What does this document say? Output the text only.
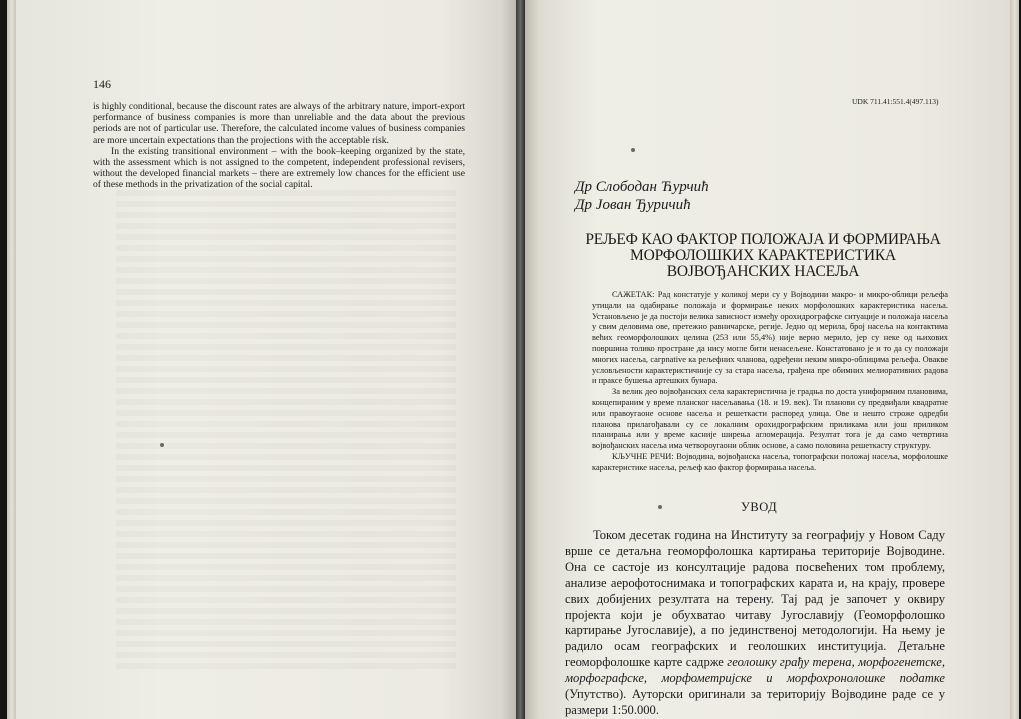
146

is highly conditional, because the discount rates are always of the arbitrary nature, import-export performance of business companies is more than unreliable and the data about the previous periods are not of particular use. Therefore, the calculated income values of business companies are more uncertain expectations than the projections with the acceptable risk.

In the existing transitional environment – with the book–keeping organized by the state, with the assessment which is not assigned to the competent, independent professional revisers, without the developed financial markets – there are extremely low chances for the efficient use of these methods in the privatization of the social capital.

UDK 711.41:551.4(497.113)
Др Слободан Ћурчић
Др Јован Ђуричић
РЕЉЕФ КАО ФАКТОР ПОЛОЖАЈА И ФОРМИРАЊА
МОРФОЛОШКИХ КАРАКТЕРИСТИКА
ВОЈВОЂАНСКИХ НАСЕЉА

САЖЕТАК: Рад констатује у коликој мери су у Војводини макро- и микро-облици рељефа утицали на одабирање положаја и формирање неких морфолошких карактеристика насеља. Установљено је да постоји велика зависност између орохидрографске ситуације и положаја насеља у свим деловима ове, претежно равничарске, регије. Једно од мерила, број насеља на контактима већих геоморфолошких целина (253 или 55,4%) није верно мерило, јер су неке од њихових површина толико простране да нису могле бити ненасељене. Констатовано је и то да су положаји многих насеља, сагрnative ка рељефних чланова, одређени неким микро-облицима рељефа. Овакве условљености карактеристичније су за стара насеља, грађена пре обимних мелиоративних радова и праксе бушења артешких бунара.

За велик део војвођанских села карактеристична је градња по доста униформним плановима, концепираним у време планског насељавања (18. и 19. век). Ти планови су предвиђали квадратне или правоугаоне основе насеља и решеткасти распоред улица. Ове и нешто строже одредби планова прилагођавали су се локалним орохидрографским приликама или још приликом планирања или у време касније ширења агломерација. Резултат тога је да само четвртина војвођанских насеља има четвороугаони облик основе, а само половина решеткасту структуру.

КЉУЧНЕ РЕЧИ: Војводина, војвођанска насеља, топографски положај насеља, морфолошке карактеристике насеља, рељеф као фактор формирања насеља.

УВОД

Током десетак година на Институту за географију у Новом Саду врше се детаљна геоморфолошка картирања територије Војводине. Она се састоје из консултације радова посвећених том проблему, анализе аерофотоснимака и топографских карата и, на крају, провере свих добијених резултата на терену. Тај рад је започет у оквиру пројекта који је обухватао читаву Југославију (Геоморфолошко картирање Југославије), а по јединственој методологији. На њему је радило осам географских и геолошких институција. Детаљне геоморфолошке карте садрже геолошку грађу терена, морфогенетске, морфографске, морфометријске и морфохронолошке податке (Упутство). Ауторски оригинали за територију Војводине раде се у размери 1:50.000.
